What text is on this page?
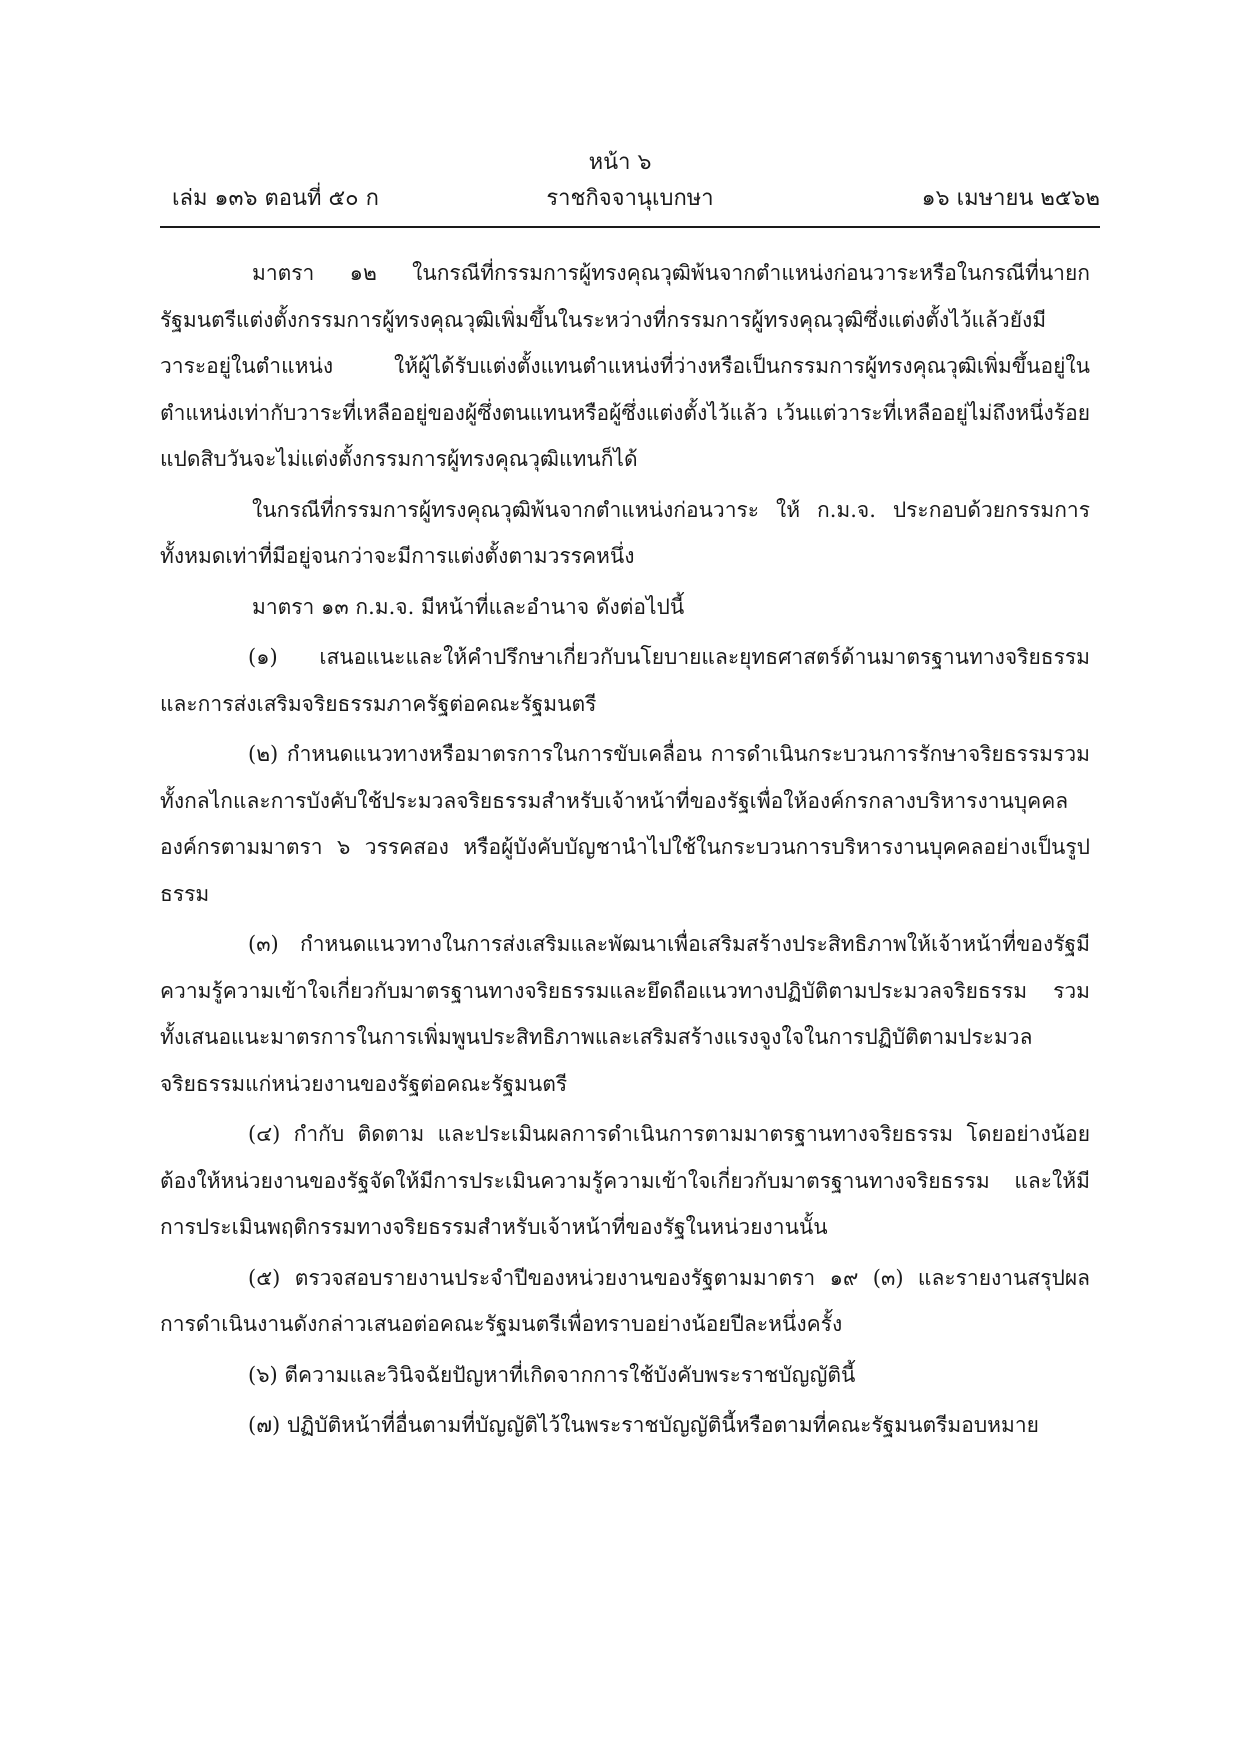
หน้า ๖
ราชกิจจานุเบกษา
เล่ม ๑๓๖ ตอนที่ ๕๐ ก	๑๖ เมษายน ๒๕๖๒

มาตรา ๑๒ ในกรณีที่กรรมการผู้ทรงคุณวุฒิพ้นจากตำแหน่งก่อนวาระหรือในกรณีที่นายกรัฐมนตรีแต่งตั้งกรรมการผู้ทรงคุณวุฒิเพิ่มขึ้นในระหว่างที่กรรมการผู้ทรงคุณวุฒิซึ่งแต่งตั้งไว้แล้วยังมีวาระอยู่ในตำแหน่ง ให้ผู้ได้รับแต่งตั้งแทนตำแหน่งที่ว่างหรือเป็นกรรมการผู้ทรงคุณวุฒิเพิ่มขึ้นอยู่ในตำแหน่งเท่ากับวาระที่เหลืออยู่ของผู้ซึ่งตนแทนหรือผู้ซึ่งแต่งตั้งไว้แล้ว เว้นแต่วาระที่เหลืออยู่ไม่ถึงหนึ่งร้อยแปดสิบวันจะไม่แต่งตั้งกรรมการผู้ทรงคุณวุฒิแทนก็ได้

ในกรณีที่กรรมการผู้ทรงคุณวุฒิพ้นจากตำแหน่งก่อนวาระ ให้ ก.ม.จ. ประกอบด้วยกรรมการทั้งหมดเท่าที่มีอยู่จนกว่าจะมีการแต่งตั้งตามวรรคหนึ่ง

มาตรา ๑๓ ก.ม.จ. มีหน้าที่และอำนาจ ดังต่อไปนี้

(๑) เสนอแนะและให้คำปรึกษาเกี่ยวกับนโยบายและยุทธศาสตร์ด้านมาตรฐานทางจริยธรรมและการส่งเสริมจริยธรรมภาครัฐต่อคณะรัฐมนตรี

(๒) กำหนดแนวทางหรือมาตรการในการขับเคลื่อน การดำเนินกระบวนการรักษาจริยธรรมรวมทั้งกลไกและการบังคับใช้ประมวลจริยธรรมสำหรับเจ้าหน้าที่ของรัฐเพื่อให้องค์กรกลางบริหารงานบุคคล องค์กรตามมาตรา ๖ วรรคสอง หรือผู้บังคับบัญชานำไปใช้ในกระบวนการบริหารงานบุคคลอย่างเป็นรูปธรรม

(๓) กำหนดแนวทางในการส่งเสริมและพัฒนาเพื่อเสริมสร้างประสิทธิภาพให้เจ้าหน้าที่ของรัฐมีความรู้ความเข้าใจเกี่ยวกับมาตรฐานทางจริยธรรมและยึดถือแนวทางปฏิบัติตามประมวลจริยธรรม รวมทั้งเสนอแนะมาตรการในการเพิ่มพูนประสิทธิภาพและเสริมสร้างแรงจูงใจในการปฏิบัติตามประมวลจริยธรรมแก่หน่วยงานของรัฐต่อคณะรัฐมนตรี

(๔) กำกับ ติดตาม และประเมินผลการดำเนินการตามมาตรฐานทางจริยธรรม โดยอย่างน้อยต้องให้หน่วยงานของรัฐจัดให้มีการประเมินความรู้ความเข้าใจเกี่ยวกับมาตรฐานทางจริยธรรม และให้มีการประเมินพฤติกรรมทางจริยธรรมสำหรับเจ้าหน้าที่ของรัฐในหน่วยงานนั้น

(๕) ตรวจสอบรายงานประจำปีของหน่วยงานของรัฐตามมาตรา ๑๙ (๓) และรายงานสรุปผลการดำเนินงานดังกล่าวเสนอต่อคณะรัฐมนตรีเพื่อทราบอย่างน้อยปีละหนึ่งครั้ง

(๖) ตีความและวินิจฉัยปัญหาที่เกิดจากการใช้บังคับพระราชบัญญัตินี้

(๗) ปฏิบัติหน้าที่อื่นตามที่บัญญัติไว้ในพระราชบัญญัตินี้หรือตามที่คณะรัฐมนตรีมอบหมาย
